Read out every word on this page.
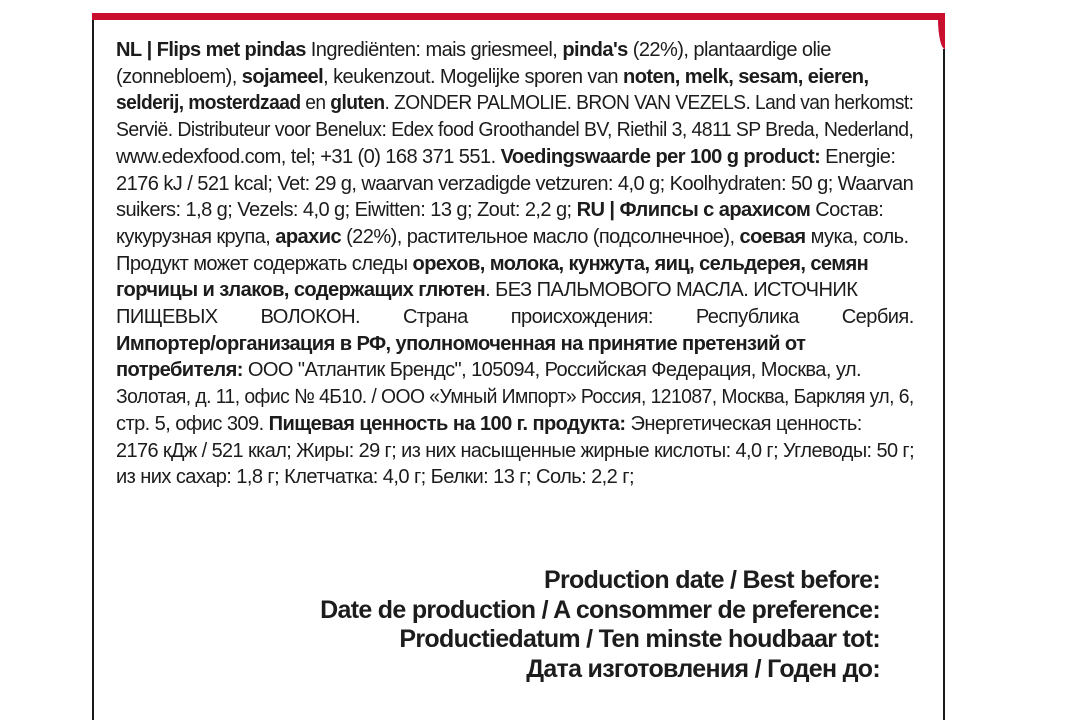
NL | Flips met pindas Ingrediënten: mais griesmeel, pinda's (22%), plantaardige olie
(zonnebloem), sojameel, keukenzout. Mogelijke sporen van noten, melk, sesam, eieren,
selderij, mosterdzaad en gluten. ZONDER PALMOLIE. BRON VAN VEZELS. Land van herkomst:
Servië. Distributeur voor Benelux: Edex food Groothandel BV, Riethil 3, 4811 SP Breda, Nederland,
www.edexfood.com, tel; +31 (0) 168 371 551. Voedingswaarde per 100 g product: Energie:
2176 kJ / 521 kcal; Vet: 29 g, waarvan verzadigde vetzuren: 4,0 g; Koolhydraten: 50 g; Waarvan
suikers: 1,8 g; Vezels: 4,0 g; Eiwitten: 13 g; Zout: 2,2 g; RU | Флипсы с арахисом Состав:
кукурузная крупа, арахис (22%), растительное масло (подсолнечное), соевая мука, соль.
Продукт может содержать следы орехов, молока, кунжута, яиц, сельдерея, семян
горчицы и злаков, содержащих глютен. БЕЗ ПАЛЬМОВОГО МАСЛА. ИСТОЧНИК
ПИЩЕВЫХ ВОЛОКОН. Страна происхождения: Республика Сербия.
Импортер/организация в РФ, уполномоченная на принятие претензий от
потребителя: ООО "Атлантик Брендс", 105094, Российская Федерация, Москва, ул.
Золотая, д. 11, офис № 4Б10. / ООО «Умный Импорт» Россия, 121087, Москва, Баркляя ул, 6,
стр. 5, офис 309. Пищевая ценность на 100 г. продукта: Энергетическая ценность:
2176 кДж / 521 ккал; Жиры: 29 г; из них насыщенные жирные кислоты: 4,0 г; Углеводы: 50 г;
из них сахар: 1,8 г; Клетчатка: 4,0 г; Белки: 13 г; Соль: 2,2 г;
Production date / Best before:
Date de production / A consommer de preference:
Productiedatum / Ten minste houdbaar tot:
Дата изготовления / Годен до:
